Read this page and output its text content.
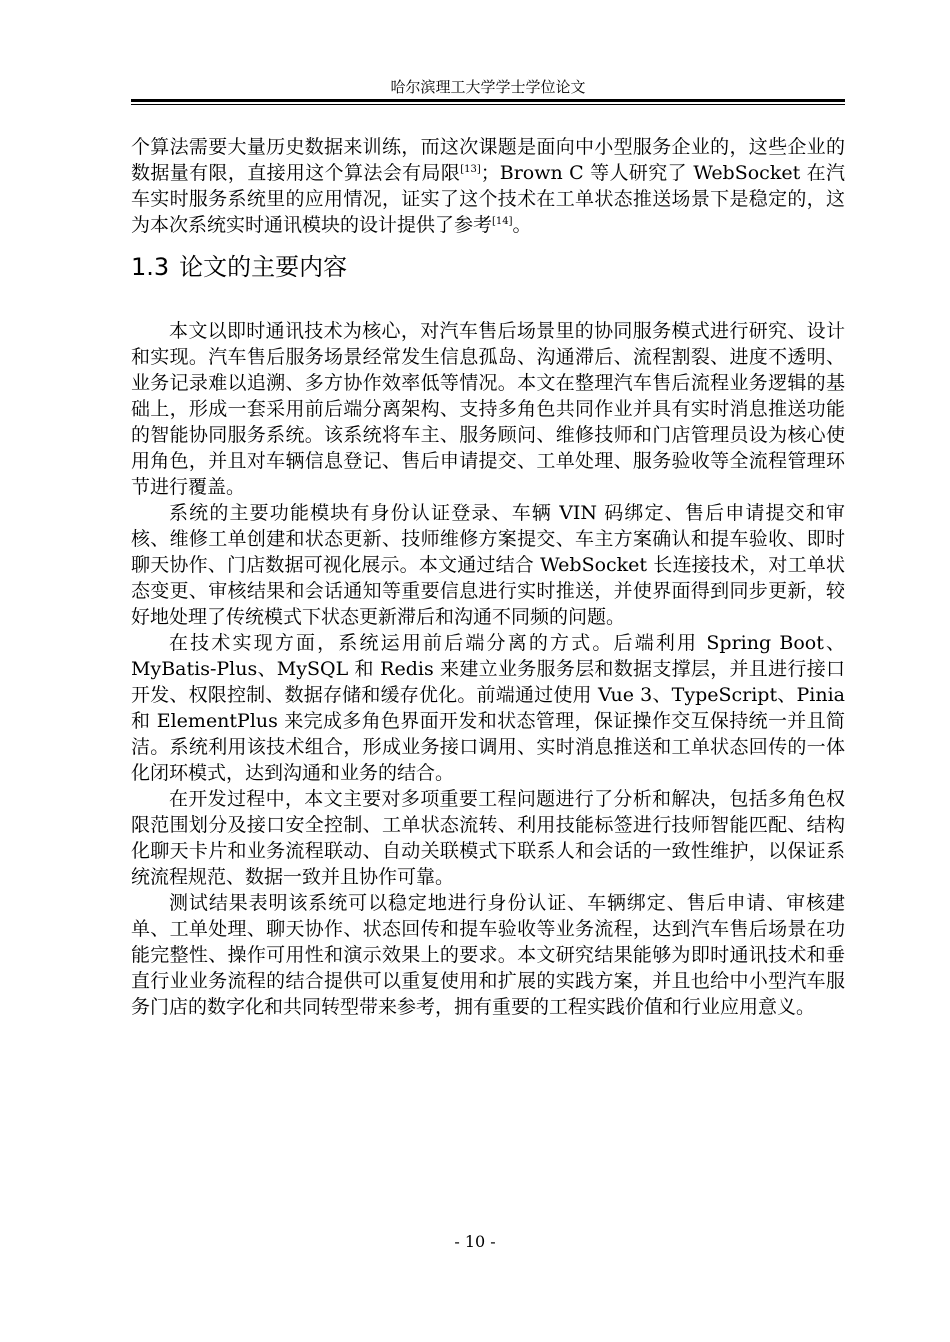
哈尔滨理工大学学士学位论文

个算法需要大量历史数据来训练，而这次课题是面向中小型服务企业的，这些企业的数据量有限，直接用这个算法会有局限[13]；Brown C 等人研究了 WebSocket 在汽车实时服务系统里的应用情况，证实了这个技术在工单状态推送场景下是稳定的，这为本次系统实时通讯模块的设计提供了参考[14]。

1.3 论文的主要内容

本文以即时通讯技术为核心，对汽车售后场景里的协同服务模式进行研究、设计和实现。汽车售后服务场景经常发生信息孤岛、沟通滞后、流程割裂、进度不透明、业务记录难以追溯、多方协作效率低等情况。本文在整理汽车售后流程业务逻辑的基础上，形成一套采用前后端分离架构、支持多角色共同作业并具有实时消息推送功能的智能协同服务系统。该系统将车主、服务顾问、维修技师和门店管理员设为核心使用角色，并且对车辆信息登记、售后申请提交、工单处理、服务验收等全流程管理环节进行覆盖。

系统的主要功能模块有身份认证登录、车辆 VIN 码绑定、售后申请提交和审核、维修工单创建和状态更新、技师维修方案提交、车主方案确认和提车验收、即时聊天协作、门店数据可视化展示。本文通过结合 WebSocket 长连接技术，对工单状态变更、审核结果和会话通知等重要信息进行实时推送，并使界面得到同步更新，较好地处理了传统模式下状态更新滞后和沟通不同频的问题。

在技术实现方面，系统运用前后端分离的方式。后端利用 Spring Boot、MyBatis-Plus、MySQL 和 Redis 来建立业务服务层和数据支撑层，并且进行接口开发、权限控制、数据存储和缓存优化。前端通过使用 Vue 3、TypeScript、Pinia 和 ElementPlus 来完成多角色界面开发和状态管理，保证操作交互保持统一并且简洁。系统利用该技术组合，形成业务接口调用、实时消息推送和工单状态回传的一体化闭环模式，达到沟通和业务的结合。

在开发过程中，本文主要对多项重要工程问题进行了分析和解决，包括多角色权限范围划分及接口安全控制、工单状态流转、利用技能标签进行技师智能匹配、结构化聊天卡片和业务流程联动、自动关联模式下联系人和会话的一致性维护，以保证系统流程规范、数据一致并且协作可靠。

测试结果表明该系统可以稳定地进行身份认证、车辆绑定、售后申请、审核建单、工单处理、聊天协作、状态回传和提车验收等业务流程，达到汽车售后场景在功能完整性、操作可用性和演示效果上的要求。本文研究结果能够为即时通讯技术和垂直行业业务流程的结合提供可以重复使用和扩展的实践方案，并且也给中小型汽车服务门店的数字化和共同转型带来参考，拥有重要的工程实践价值和行业应用意义。

- 10 -
